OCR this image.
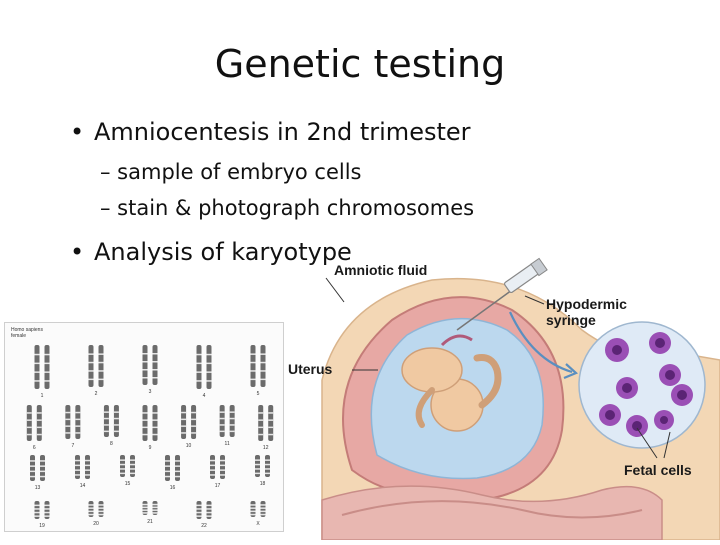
Genetic testing
• Amniocentesis in 2nd trimester
– sample of embryo cells
– stain & photograph chromosomes
• Analysis of karyotype
Homo sapiens
female
1	2	3
4	5
6	7	8
9	10	11
12
13	14	15
16	17	18
19	20	21
22	X
Amniotic fluid
Hypodermic
syringe
Uterus
Fetal cells
